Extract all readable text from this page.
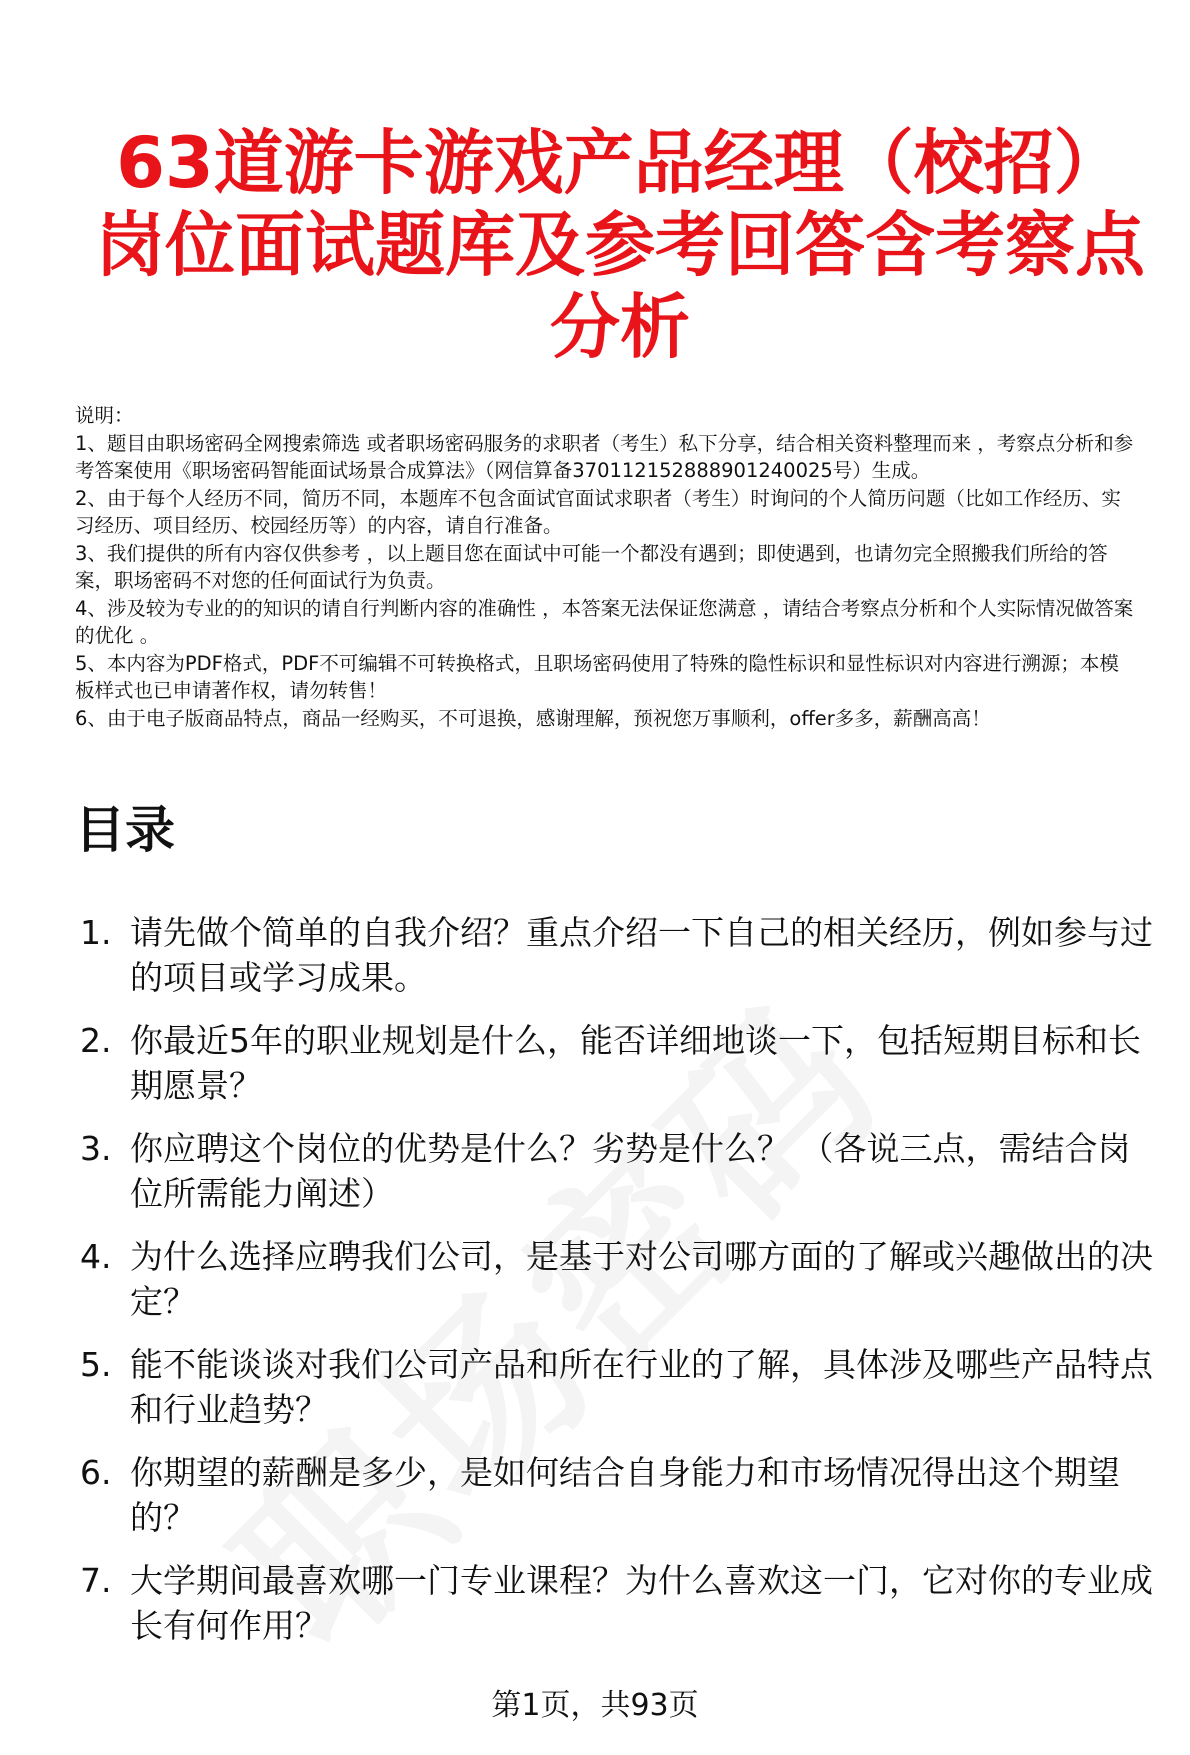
63道游卡游戏产品经理（校招）岗位面试题库及参考回答含考察点分析

说明：

1、题目由职场密码全网搜索筛选 或者职场密码服务的求职者（考生）私下分享，结合相关资料整理而来 ，考察点分析和参考答案使用《职场密码智能面试场景合成算法》（网信算备370112152888901240025号）生成。

2、由于每个人经历不同，简历不同，本题库不包含面试官面试求职者（考生）时询问的个人简历问题（比如工作经历、实习经历、项目经历、校园经历等）的内容，请自行准备。

3、我们提供的所有内容仅供参考 ，以上题目您在面试中可能一个都没有遇到；即使遇到，也请勿完全照搬我们所给的答案，职场密码不对您的任何面试行为负责。

4、涉及较为专业的的知识的请自行判断内容的准确性 ，本答案无法保证您满意 ，请结合考察点分析和个人实际情况做答案的优化 。

5、本内容为PDF格式，PDF不可编辑不可转换格式，且职场密码使用了特殊的隐性标识和显性标识对内容进行溯源；本模板样式也已申请著作权，请勿转售！

6、由于电子版商品特点，商品一经购买，不可退换，感谢理解，预祝您万事顺利，offer多多，薪酬高高！

目录
1. 请先做个简单的自我介绍？重点介绍一下自己的相关经历，例如参与过的项目或学习成果。
2. 你最近5年的职业规划是什么，能否详细地谈一下，包括短期目标和长期愿景？
3. 你应聘这个岗位的优势是什么？劣势是什么？ （各说三点，需结合岗位所需能力阐述）
4. 为什么选择应聘我们公司，是基于对公司哪方面的了解或兴趣做出的决定？
5. 能不能谈谈对我们公司产品和所在行业的了解，具体涉及哪些产品特点和行业趋势？
6. 你期望的薪酬是多少，是如何结合自身能力和市场情况得出这个期望的？
7. 大学期间最喜欢哪一门专业课程？为什么喜欢这一门，它对你的专业成长有何作用？
第1页，共93页
